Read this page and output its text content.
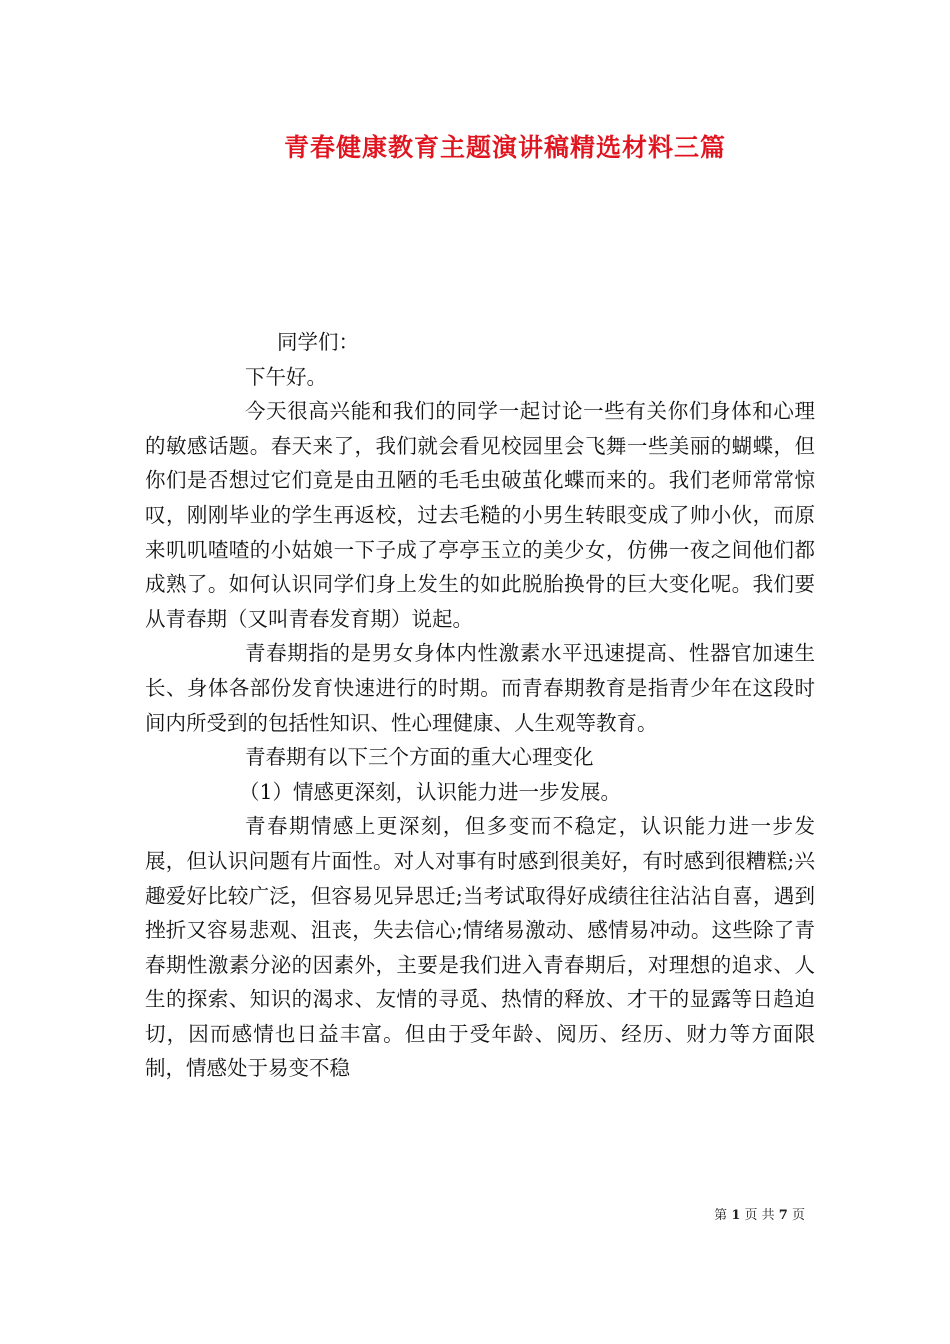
青春健康教育主题演讲稿精选材料三篇

同学们：

下午好。

今天很高兴能和我们的同学一起讨论一些有关你们身体和心理的敏感话题。春天来了，我们就会看见校园里会飞舞一些美丽的蝴蝶，但你们是否想过它们竟是由丑陋的毛毛虫破茧化蝶而来的。我们老师常常惊叹，刚刚毕业的学生再返校，过去毛糙的小男生转眼变成了帅小伙，而原来叽叽喳喳的小姑娘一下子成了亭亭玉立的美少女，仿佛一夜之间他们都成熟了。如何认识同学们身上发生的如此脱胎换骨的巨大变化呢。我们要从青春期（又叫青春发育期）说起。

青春期指的是男女身体内性激素水平迅速提高、性器官加速生长、身体各部份发育快速进行的时期。而青春期教育是指青少年在这段时间内所受到的包括性知识、性心理健康、人生观等教育。

青春期有以下三个方面的重大心理变化

（1）情感更深刻，认识能力进一步发展。

青春期情感上更深刻，但多变而不稳定，认识能力进一步发展，但认识问题有片面性。对人对事有时感到很美好，有时感到很糟糕;兴趣爱好比较广泛，但容易见异思迁;当考试取得好成绩往往沾沾自喜，遇到挫折又容易悲观、沮丧，失去信心;情绪易激动、感情易冲动。这些除了青春期性激素分泌的因素外，主要是我们进入青春期后，对理想的追求、人生的探索、知识的渴求、友情的寻觅、热情的释放、才干的显露等日趋迫切，因而感情也日益丰富。但由于受年龄、阅历、经历、财力等方面限制，情感处于易变不稳

第 1 页 共 7 页
